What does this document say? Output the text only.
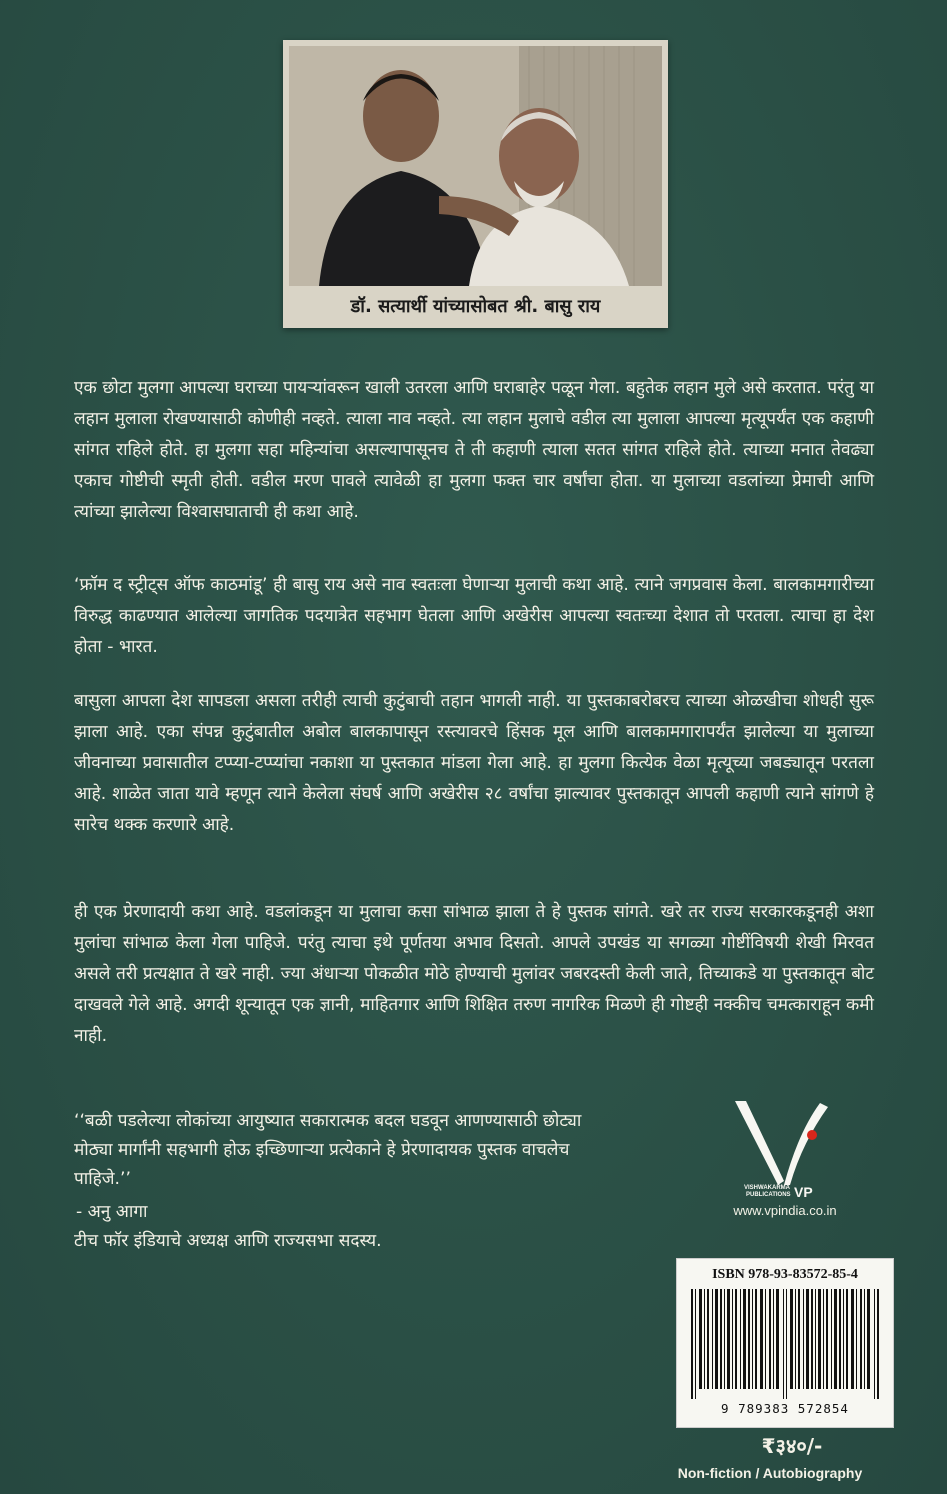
डॉ. सत्यार्थी यांच्यासोबत श्री. बासु राय
एक छोटा मुलगा आपल्या घराच्या पायऱ्यांवरून खाली उतरला आणि घराबाहेर पळून गेला. बहुतेक लहान मुले असे करतात. परंतु या लहान मुलाला रोखण्यासाठी कोणीही नव्हते. त्याला नाव नव्हते. त्या लहान मुलाचे वडील त्या मुलाला आपल्या मृत्यूपर्यंत एक कहाणी सांगत राहिले होते. हा मुलगा सहा महिन्यांचा असल्यापासूनच ते ती कहाणी त्याला सतत सांगत राहिले होते. त्याच्या मनात तेवढ्या एकाच गोष्टीची स्मृती होती. वडील मरण पावले त्यावेळी हा मुलगा फक्त चार वर्षांचा होता. या मुलाच्या वडलांच्या प्रेमाची आणि त्यांच्या झालेल्या विश्वासघाताची ही कथा आहे.
‘फ्रॉम द स्ट्रीट्स ऑफ काठमांडू’ ही बासु राय असे नाव स्वतःला घेणाऱ्या मुलाची कथा आहे. त्याने जगप्रवास केला. बालकामगारीच्या विरुद्ध काढण्यात आलेल्या जागतिक पदयात्रेत सहभाग घेतला आणि अखेरीस आपल्या स्वतःच्या देशात तो परतला. त्याचा हा देश होता - भारत.
बासुला आपला देश सापडला असला तरीही त्याची कुटुंबाची तहान भागली नाही. या पुस्तकाबरोबरच त्याच्या ओळखीचा शोधही सुरू झाला आहे. एका संपन्न कुटुंबातील अबोल बालकापासून रस्त्यावरचे हिंसक मूल आणि बालकामगारापर्यंत झालेल्या या मुलाच्या जीवनाच्या प्रवासातील टप्प्या-टप्प्यांचा नकाशा या पुस्तकात मांडला गेला आहे. हा मुलगा कित्येक वेळा मृत्यूच्या जबड्यातून परतला आहे. शाळेत जाता यावे म्हणून त्याने केलेला संघर्ष आणि अखेरीस २८ वर्षांचा झाल्यावर पुस्तकातून आपली कहाणी त्याने सांगणे हे सारेच थक्क करणारे आहे.
ही एक प्रेरणादायी कथा आहे. वडलांकडून या मुलाचा कसा सांभाळ झाला ते हे पुस्तक सांगते. खरे तर राज्य सरकारकडूनही अशा मुलांचा सांभाळ केला गेला पाहिजे. परंतु त्याचा इथे पूर्णतया अभाव दिसतो. आपले उपखंड या सगळ्या गोष्टींविषयी शेखी मिरवत असले तरी प्रत्यक्षात ते खरे नाही. ज्या अंधाऱ्या पोकळीत मोठे होण्याची मुलांवर जबरदस्ती केली जाते, तिच्याकडे या पुस्तकातून बोट दाखवले गेले आहे. अगदी शून्यातून एक ज्ञानी, माहितगार आणि शिक्षित तरुण नागरिक मिळणे ही गोष्टही नक्कीच चमत्काराहून कमी नाही.
‘‘बळी पडलेल्या लोकांच्या आयुष्यात सकारात्मक बदल घडवून आणण्यासाठी छोट्या मोठ्या मार्गांनी सहभागी होऊ इच्छिणाऱ्या प्रत्येकाने हे प्रेरणादायक पुस्तक वाचलेच पाहिजे.’’
- अनु आगा
टीच फॉर इंडियाचे अध्यक्ष आणि राज्यसभा सदस्य.
VISHWAKARMA
PUBLICATIONS VP
www.vpindia.co.in
ISBN 978-93-83572-85-4
9 789383 572854
₹३४०/-
Non-fiction / Autobiography
